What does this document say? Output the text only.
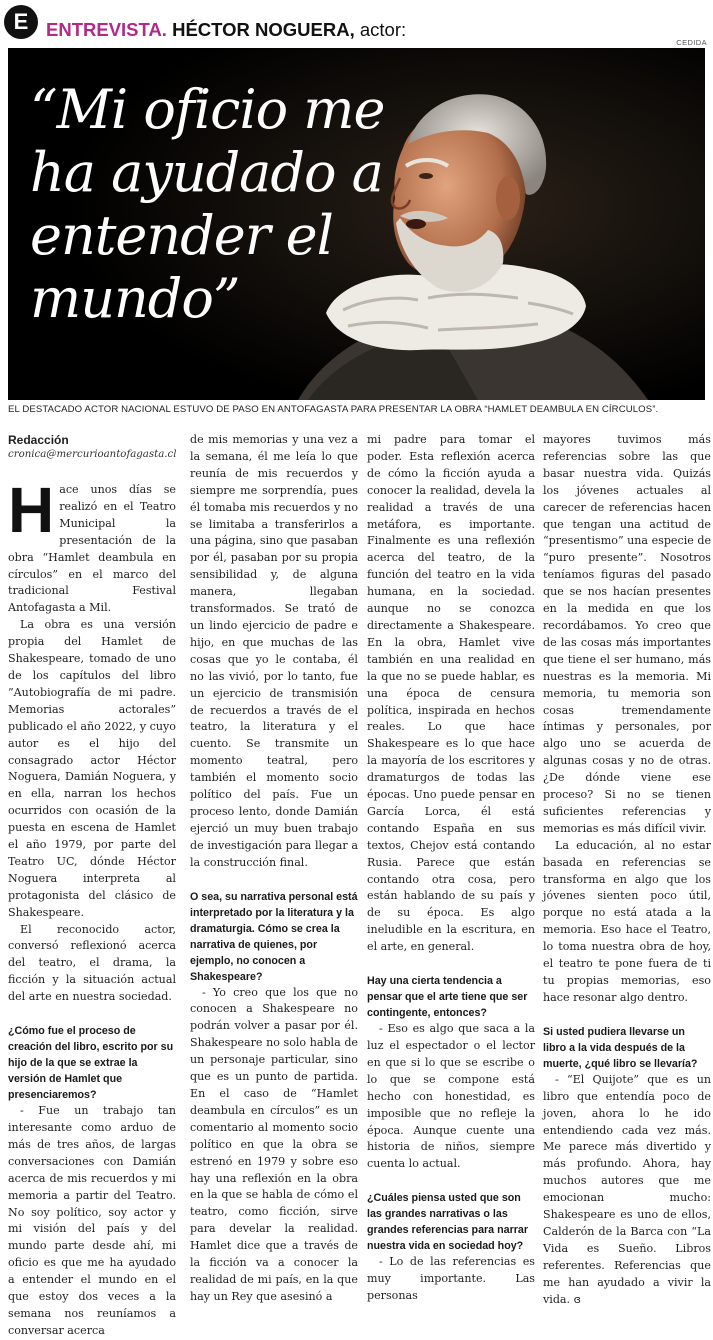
E ENTREVISTA. HÉCTOR NOGUERA, actor:
CEDIDA
“Mi oficio me ha ayudado a entender el mundo”
EL DESTACADO ACTOR NACIONAL ESTUVO DE PASO EN ANTOFAGASTA PARA PRESENTAR LA OBRA “HAMLET DEAMBULA EN CÍRCULOS”.
Redacción
cronica@mercurioantofagasta.cl

Hace unos días se realizó en el Teatro Municipal la presentación de la obra “Hamlet deambula en círculos” en el marco del tradicional Festival Antofagasta a Mil.

La obra es una versión propia del Hamlet de Shakespeare, tomado de uno de los capítulos del libro ”Autobiografía de mi padre. Memorias actorales” publicado el año 2022, y cuyo autor es el hijo del consagrado actor Héctor Noguera, Damián Noguera, y en ella, narran los hechos ocurridos con ocasión de la puesta en escena de Hamlet el año 1979, por parte del Teatro UC, dónde Héctor Noguera interpreta al protagonista del clásico de Shakespeare.

El reconocido actor, conversó reflexionó acerca del teatro, el drama, la ficción y la situación actual del arte en nuestra sociedad.

¿Cómo fue el proceso de creación del libro, escrito por su hijo de la que se extrae la versión de Hamlet que presenciaremos?

- Fue un trabajo tan interesante como arduo de más de tres años, de largas conversaciones con Damián acerca de mis recuerdos y mi memoria a partir del Teatro. No soy político, soy actor y mi visión del país y del mundo parte desde ahí, mi oficio es que me ha ayudado a entender el mundo en el que estoy dos veces a la semana nos reuníamos a conversar acerca

de mis memorias y una vez a la semana, él me leía lo que reunía de mis recuerdos y siempre me sorprendía, pues él tomaba mis recuerdos y no se limitaba a transferirlos a una página, sino que pasaban por él, pasaban por su propia sensibilidad y, de alguna manera, llegaban transformados. Se trató de un lindo ejercicio de padre e hijo, en que muchas de las cosas que yo le contaba, él no las vivió, por lo tanto, fue un ejercicio de transmisión de recuerdos a través de el teatro, la literatura y el cuento. Se transmite un momento teatral, pero también el momento socio político del país. Fue un proceso lento, donde Damián ejerció un muy buen trabajo de investigación para llegar a la construcción final.

O sea, su narrativa personal está interpretado por la literatura y la dramaturgia. Cómo se crea la narrativa de quienes, por ejemplo, no conocen a Shakespeare?

- Yo creo que los que no conocen a Shakespeare no podrán volver a pasar por él. Shakespeare no solo habla de un personaje particular, sino que es un punto de partida. En el caso de “Hamlet deambula en círculos” es un comentario al momento socio político en que la obra se estrenó en 1979 y sobre eso hay una reflexión en la obra en la que se habla de cómo el teatro, como ficción, sirve para develar la realidad. Hamlet dice que a través de la ficción va a conocer la realidad de mi país, en la que hay un Rey que asesinó a

mi padre para tomar el poder. Esta reflexión acerca de cómo la ficción ayuda a conocer la realidad, devela la realidad a través de una metáfora, es importante. Finalmente es una reflexión acerca del teatro, de la función del teatro en la vida humana, en la sociedad. aunque no se conozca directamente a Shakespeare. En la obra, Hamlet vive también en una realidad en la que no se puede hablar, es una época de censura política, inspirada en hechos reales. Lo que hace Shakespeare es lo que hace la mayoría de los escritores y dramaturgos de todas las épocas. Uno puede pensar en García Lorca, él está contando España en sus textos, Chejov está contando Rusia. Parece que están contando otra cosa, pero están hablando de su país y de su época. Es algo ineludible en la escritura, en el arte, en general.

Hay una cierta tendencia a pensar que el arte tiene que ser contingente, entonces?

- Eso es algo que saca a la luz el espectador o el lector en que si lo que se escribe o lo que se compone está hecho con honestidad, es imposible que no refleje la época. Aunque cuente una historia de niños, siempre cuenta lo actual.

¿Cuáles piensa usted que son las grandes narrativas o las grandes referencias para narrar nuestra vida en sociedad hoy?

- Lo de las referencias es muy importante. Las personas

mayores tuvimos más referencias sobre las que basar nuestra vida. Quizás los jóvenes actuales al carecer de referencias hacen que tengan una actitud de “presentismo” una especie de “puro presente”. Nosotros teníamos figuras del pasado que se nos hacían presentes en la medida en que los recordábamos. Yo creo que de las cosas más importantes que tiene el ser humano, más nuestras es la memoria. Mi memoria, tu memoria son cosas tremendamente íntimas y personales, por algo uno se acuerda de algunas cosas y no de otras. ¿De dónde viene ese proceso? Si no se tienen suficientes referencias y memorias es más difícil vivir.

La educación, al no estar basada en referencias se transforma en algo que los jóvenes sienten poco útil, porque no está atada a la memoria. Eso hace el Teatro, lo toma nuestra obra de hoy, el teatro te pone fuera de ti tu propias memorias, eso hace resonar algo dentro.

Si usted pudiera llevarse un libro a la vida después de la muerte, ¿qué libro se llevaría?

- “El Quijote” que es un libro que entendía poco de joven, ahora lo he ido entendiendo cada vez más. Me parece más divertido y más profundo. Ahora, hay muchos autores que me emocionan mucho: Shakespeare es uno de ellos, Calderón de la Barca con “La Vida es Sueño. Libros referentes. Referencias que me han ayudado a vivir la vida. ɞ
